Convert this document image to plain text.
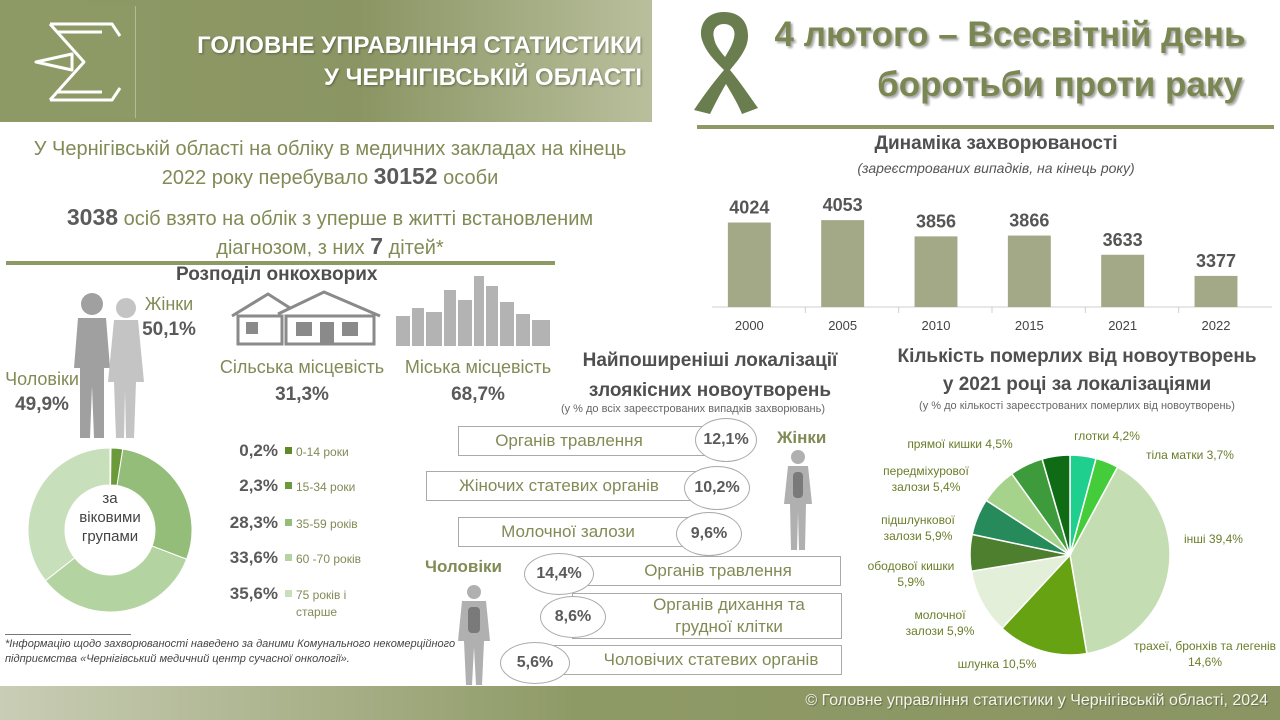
ГОЛОВНЕ УПРАВЛІННЯ СТАТИСТИКИ
У ЧЕРНІГІВСЬКІЙ ОБЛАСТІ
4 лютого – Всесвітній день
боротьби проти раку
У Чернігівській області на обліку в медичних закладах на кінець 2022 року перебувало 30152 особи
3038 осіб взято на облік з уперше в житті встановленим діагнозом, з них 7 дітей*
Розподіл онкохворих
Жінки
50,1%
Чоловіки
49,9%
Сільська місцевість
31,3%
Міська місцевість
68,7%
за віковими групами
0,2% 0-14 роки
2,3% 15-34 роки
28,3% 35-59 років
33,6% 60 -70 років
35,6% 75 років і старше
Динаміка захворюваності
(зареєстрованих випадків, на кінець року)
4024
2000
4053
2005
3856
2010
3866
2015
3633
2021
3377
2022
Найпоширеніші локалізації
злоякісних новоутворень
(у % до всіх зареєстрованих випадків захворювань)
Жінки
Чоловіки
Органів травлення	12,1%
Жіночих статевих органів	10,2%
Молочної залози	9,6%
Органів травлення
14,4%
Органів дихання та грудної клітки
8,6%
Чоловічих статевих органів
5,6%
Кількість померлих від новоутворень
у 2021 році за локалізаціями
(у % до кількості зареєстрованих померлих від новоутворень)
глотки 4,2%
тіла матки 3,7%
інші 39,4%
трахеї, бронхів та легенів 14,6%
шлунка 10,5%
молочної залози 5,9%
ободової кишки 5,9%
підшлункової залози 5,9%
передміхурової залози 5,4%
прямої кишки 4,5%
*Інформацію щодо захворюваності наведено за даними Комунального некомерційного підприємства «Чернігівський медичний центр сучасної онкології».
© Головне управління статистики у Чернігівській області, 2024
